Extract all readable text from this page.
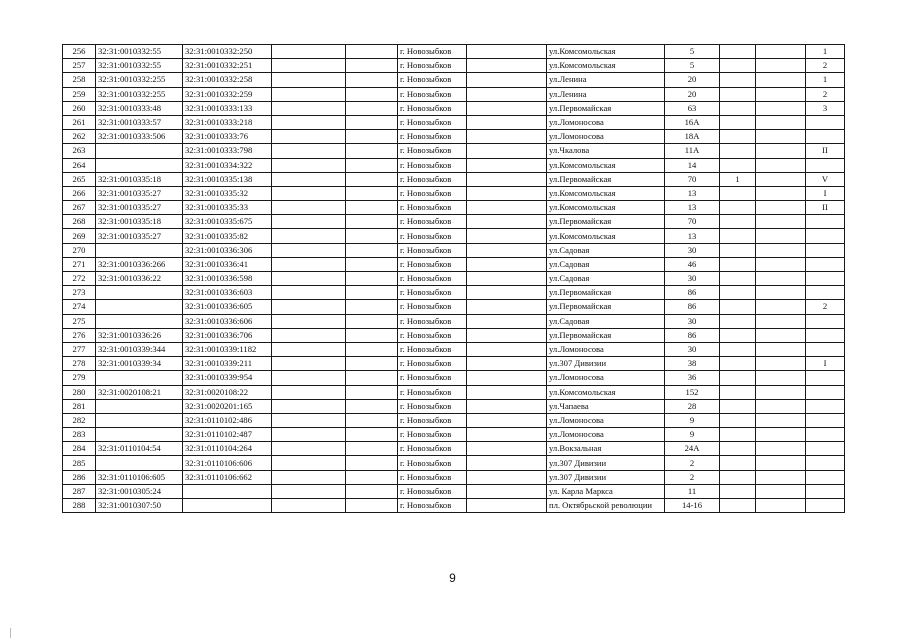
256	32:31:0010332:55	32:31:0010332:250			г. Новозыбков		ул.Комсомольская	5			1
257	32:31:0010332:55	32:31:0010332:251			г. Новозыбков		ул.Комсомольская	5			2
258	32:31:0010332:255	32:31:0010332:258			г. Новозыбков		ул.Ленина	20			1
259	32:31:0010332:255	32:31:0010332:259			г. Новозыбков		ул.Ленина	20			2
260	32:31:0010333:48	32:31:0010333:133			г. Новозыбков		ул.Первомайская	63			3
261	32:31:0010333:57	32:31:0010333:218			г. Новозыбков		ул.Ломоносова	16А			
262	32:31:0010333:506	32:31:0010333:76			г. Новозыбков		ул.Ломоносова	18А			
263		32:31:0010333:798			г. Новозыбков		ул.Чкалова	11А			II
264		32:31:0010334:322			г. Новозыбков		ул.Комсомольская	14			
265	32:31:0010335:18	32:31:0010335:138			г. Новозыбков		ул.Первомайская	70	1		V
266	32:31:0010335:27	32:31:0010335:32			г. Новозыбков		ул.Комсомольская	13			I
267	32:31:0010335:27	32:31:0010335:33			г. Новозыбков		ул.Комсомольская	13			II
268	32:31:0010335:18	32:31:0010335:675			г. Новозыбков		ул.Первомайская	70			
269	32:31:0010335:27	32:31:0010335:82			г. Новозыбков		ул.Комсомольская	13			
270		32:31:0010336:306			г. Новозыбков		ул.Садовая	30			
271	32:31:0010336:266	32:31:0010336:41			г. Новозыбков		ул.Садовая	46			
272	32:31:0010336:22	32:31:0010336:598			г. Новозыбков		ул.Садовая	30			
273		32:31:0010336:603			г. Новозыбков		ул.Первомайская	86			
274		32:31:0010336:605			г. Новозыбков		ул.Первомайская	86			2
275		32:31:0010336:606			г. Новозыбков		ул.Садовая	30			
276	32:31:0010336:26	32:31:0010336:706			г. Новозыбков		ул.Первомайская	86			
277	32:31:0010339:344	32:31:0010339:1182			г. Новозыбков		ул.Ломоносова	30			
278	32:31:0010339:34	32:31:0010339:211			г. Новозыбков		ул.307 Дивизии	38			I
279		32:31:0010339:954			г. Новозыбков		ул.Ломоносова	36			
280	32:31:0020108:21	32:31:0020108:22			г. Новозыбков		ул.Комсомольская	152			
281		32:31:0020201:165			г. Новозыбков		ул.Чапаева	28			
282		32:31:0110102:486			г. Новозыбков		ул.Ломоносова	9			
283		32:31:0110102:487			г. Новозыбков		ул.Ломоносова	9			
284	32:31:0110104:54	32:31:0110104:264			г. Новозыбков		ул.Вокзальная	24А			
285		32:31:0110106:606			г. Новозыбков		ул.307 Дивизии	2			
286	32:31:0110106:605	32:31:0110106:662			г. Новозыбков		ул.307 Дивизии	2			
287	32:31:0010305:24				г. Новозыбков		ул. Карла Маркса	11			
288	32:31:0010307:50				г. Новозыбков		пл. Октябрьской революции	14-16			
9
